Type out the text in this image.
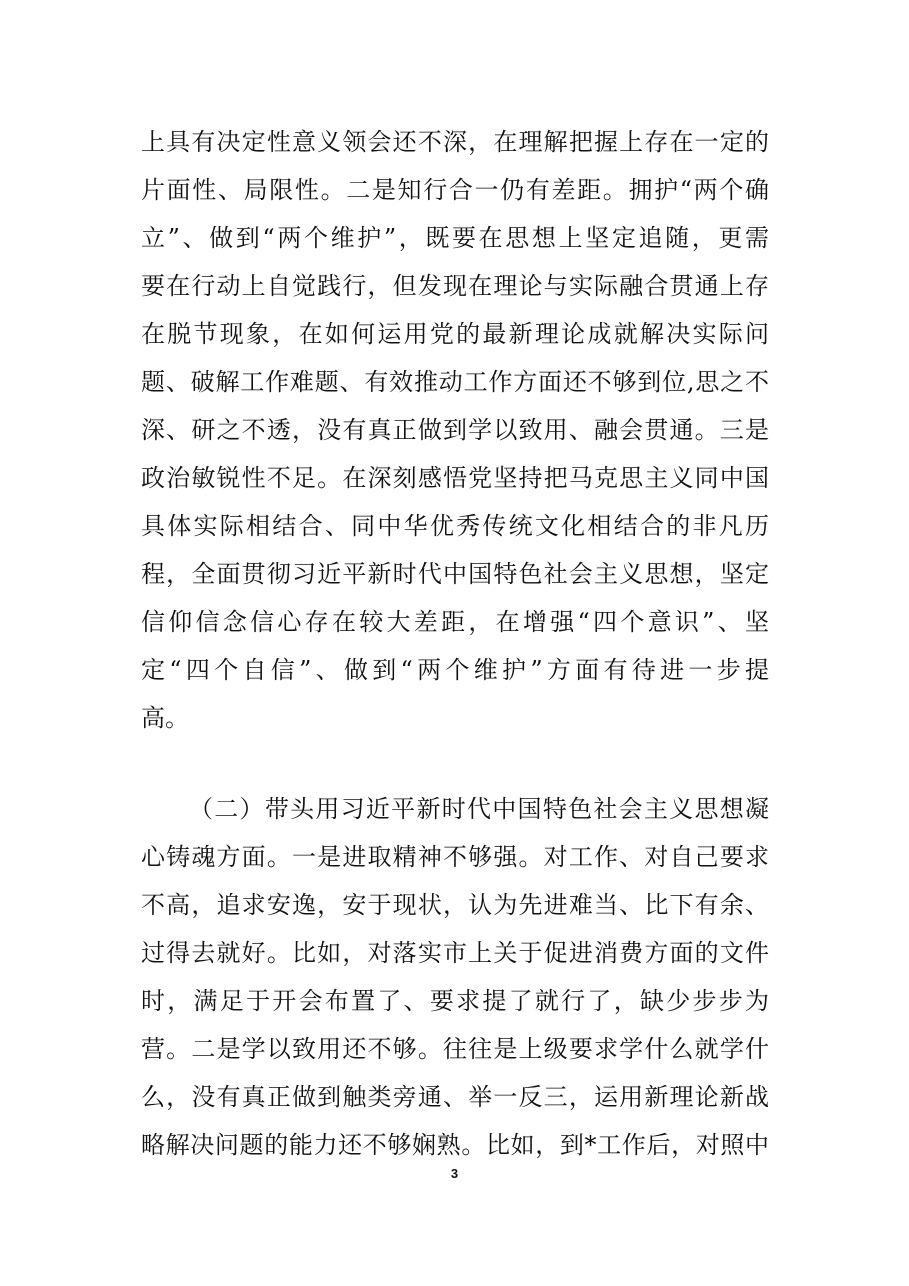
上具有决定性意义领会还不深，在理解把握上存在一定的
片面性、局限性。二是知行合一仍有差距。拥护“两个确
立”、做到“两个维护”，既要在思想上坚定追随，更需
要在行动上自觉践行，但发现在理论与实际融合贯通上存
在脱节现象，在如何运用党的最新理论成就解决实际问
题、破解工作难题、有效推动工作方面还不够到位,思之不
深、研之不透，没有真正做到学以致用、融会贯通。三是
政治敏锐性不足。在深刻感悟党坚持把马克思主义同中国
具体实际相结合、同中华优秀传统文化相结合的非凡历
程，全面贯彻习近平新时代中国特色社会主义思想，坚定
信仰信念信心存在较大差距，在增强“四个意识”、坚
定“四个自信”、做到“两个维护”方面有待进一步提
高。
（二）带头用习近平新时代中国特色社会主义思想凝
心铸魂方面。一是进取精神不够强。对工作、对自己要求
不高，追求安逸，安于现状，认为先进难当、比下有余、
过得去就好。比如，对落实市上关于促进消费方面的文件
时，满足于开会布置了、要求提了就行了，缺少步步为
营。二是学以致用还不够。往往是上级要求学什么就学什
么，没有真正做到触类旁通、举一反三，运用新理论新战
略解决问题的能力还不够娴熟。比如，到*工作后，对照中
3
